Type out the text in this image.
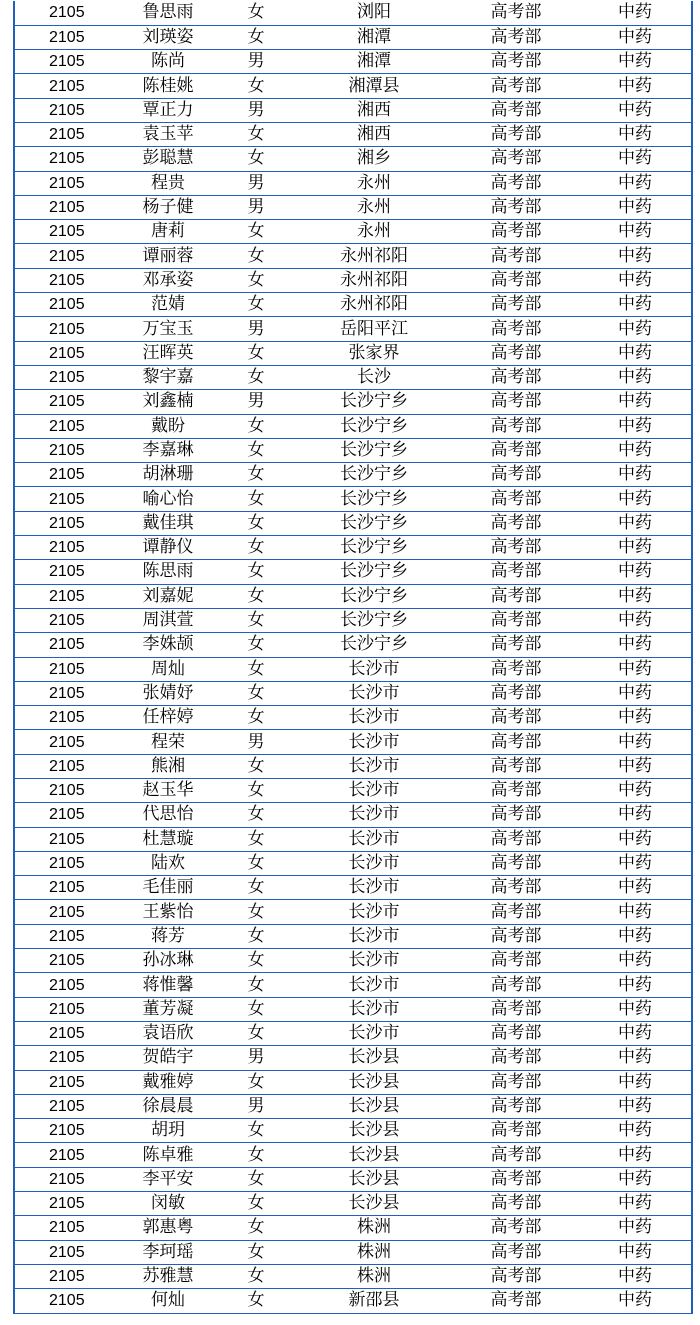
2105	鲁思雨	女	浏阳	高考部	中药
2105	刘瑛姿	女	湘潭	高考部	中药
2105	陈尚	男	湘潭	高考部	中药
2105	陈桂姚	女	湘潭县	高考部	中药
2105	覃正力	男	湘西	高考部	中药
2105	袁玉苹	女	湘西	高考部	中药
2105	彭聪慧	女	湘乡	高考部	中药
2105	程贵	男	永州	高考部	中药
2105	杨子健	男	永州	高考部	中药
2105	唐莉	女	永州	高考部	中药
2105	谭丽蓉	女	永州祁阳	高考部	中药
2105	邓承姿	女	永州祁阳	高考部	中药
2105	范婧	女	永州祁阳	高考部	中药
2105	万宝玉	男	岳阳平江	高考部	中药
2105	汪晖英	女	张家界	高考部	中药
2105	黎宇嘉	女	长沙	高考部	中药
2105	刘鑫楠	男	长沙宁乡	高考部	中药
2105	戴盼	女	长沙宁乡	高考部	中药
2105	李嘉琳	女	长沙宁乡	高考部	中药
2105	胡淋珊	女	长沙宁乡	高考部	中药
2105	喻心怡	女	长沙宁乡	高考部	中药
2105	戴佳琪	女	长沙宁乡	高考部	中药
2105	谭静仪	女	长沙宁乡	高考部	中药
2105	陈思雨	女	长沙宁乡	高考部	中药
2105	刘嘉妮	女	长沙宁乡	高考部	中药
2105	周淇萱	女	长沙宁乡	高考部	中药
2105	李姝颉	女	长沙宁乡	高考部	中药
2105	周灿	女	长沙市	高考部	中药
2105	张婧妤	女	长沙市	高考部	中药
2105	任梓婷	女	长沙市	高考部	中药
2105	程荣	男	长沙市	高考部	中药
2105	熊湘	女	长沙市	高考部	中药
2105	赵玉华	女	长沙市	高考部	中药
2105	代思怡	女	长沙市	高考部	中药
2105	杜慧璇	女	长沙市	高考部	中药
2105	陆欢	女	长沙市	高考部	中药
2105	毛佳丽	女	长沙市	高考部	中药
2105	王紫怡	女	长沙市	高考部	中药
2105	蒋芳	女	长沙市	高考部	中药
2105	孙冰琳	女	长沙市	高考部	中药
2105	蒋惟馨	女	长沙市	高考部	中药
2105	董芳凝	女	长沙市	高考部	中药
2105	袁语欣	女	长沙市	高考部	中药
2105	贺皓宇	男	长沙县	高考部	中药
2105	戴雅婷	女	长沙县	高考部	中药
2105	徐晨晨	男	长沙县	高考部	中药
2105	胡玥	女	长沙县	高考部	中药
2105	陈卓雅	女	长沙县	高考部	中药
2105	李平安	女	长沙县	高考部	中药
2105	闵敏	女	长沙县	高考部	中药
2105	郭惠粤	女	株洲	高考部	中药
2105	李珂瑶	女	株洲	高考部	中药
2105	苏雅慧	女	株洲	高考部	中药
2105	何灿	女	新邵县	高考部	中药
